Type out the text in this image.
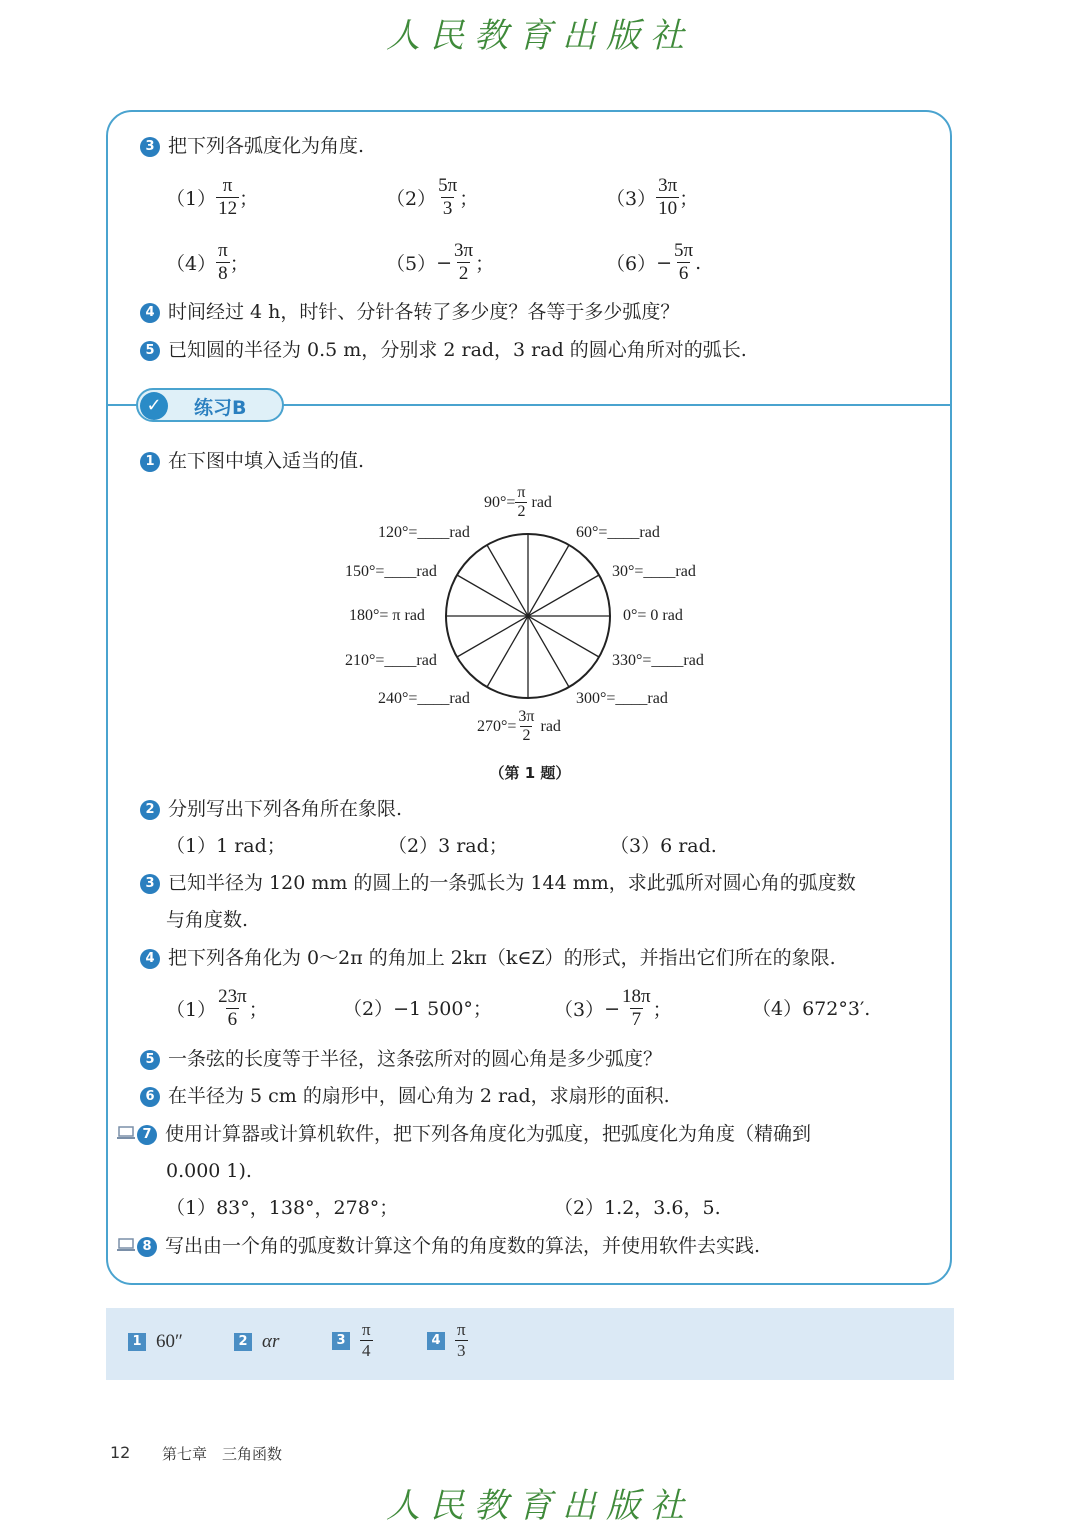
人民教育出版社
✓	练习B
3 把下列各弧度化为角度.
$(1) \frac{\pi}{12}$ ；	$(2) \frac{5\pi}{3}$ ；	$(3) \frac{3\pi}{10}$ ；
$(4) \frac{\pi}{8}$ ；	$(5) - \frac{3\pi}{2}$ ；	$(6) - \frac{5\pi}{6}$ .
4 时间经过 4 h，时针、分针各转了多少度？各等于多少弧度？
5 已知圆的半径为 0.5 m，分别求 2 rad，3 rad 的圆心角所对的弧长.
1 在下图中填入适当的值.
$90^\circ= \frac{\pi}{2}$ rad
60°=____rad
120°=____rad
30°=____rad
150°=____rad
0°= 0 rad
180°= π rad
330°=____rad
210°=____rad
300°=____rad
240°=____rad
$270^\circ= \frac{3\pi}{2}$ rad
（第 1 题）
2 分别写出下列各角所在象限.
（1）1 rad；	（2）3 rad；	（3）6 rad.
3 已知半径为 120 mm 的圆上的一条弧长为 144 mm，求此弧所对圆心角的弧度数
与角度数.
4 把下列各角化为 0～2π 的角加上 2kπ（k∈Z）的形式，并指出它们所在的象限.
$(1) \frac{23\pi}{6}$ ；	（2）−1 500°；	$(3) - \frac{18\pi}{7}$ ；	（4）672°3′.
5 一条弦的长度等于半径，这条弦所对的圆心角是多少弧度？
6 在半径为 5 cm 的扇形中，圆心角为 2 rad，求扇形的面积.
7 使用计算器或计算机软件，把下列各角度化为弧度，把弧度化为角度（精确到
0.000 1).
（1）83°，138°，278°；	（2）1.2，3.6，5.
8 写出由一个角的弧度数计算这个角的角度数的算法，并使用软件去实践.
1 60″	2 αr	$3 \frac{\pi}{4}$	$4 \frac{\pi}{3}$
12 第七章　三角函数
人民教育出版社
